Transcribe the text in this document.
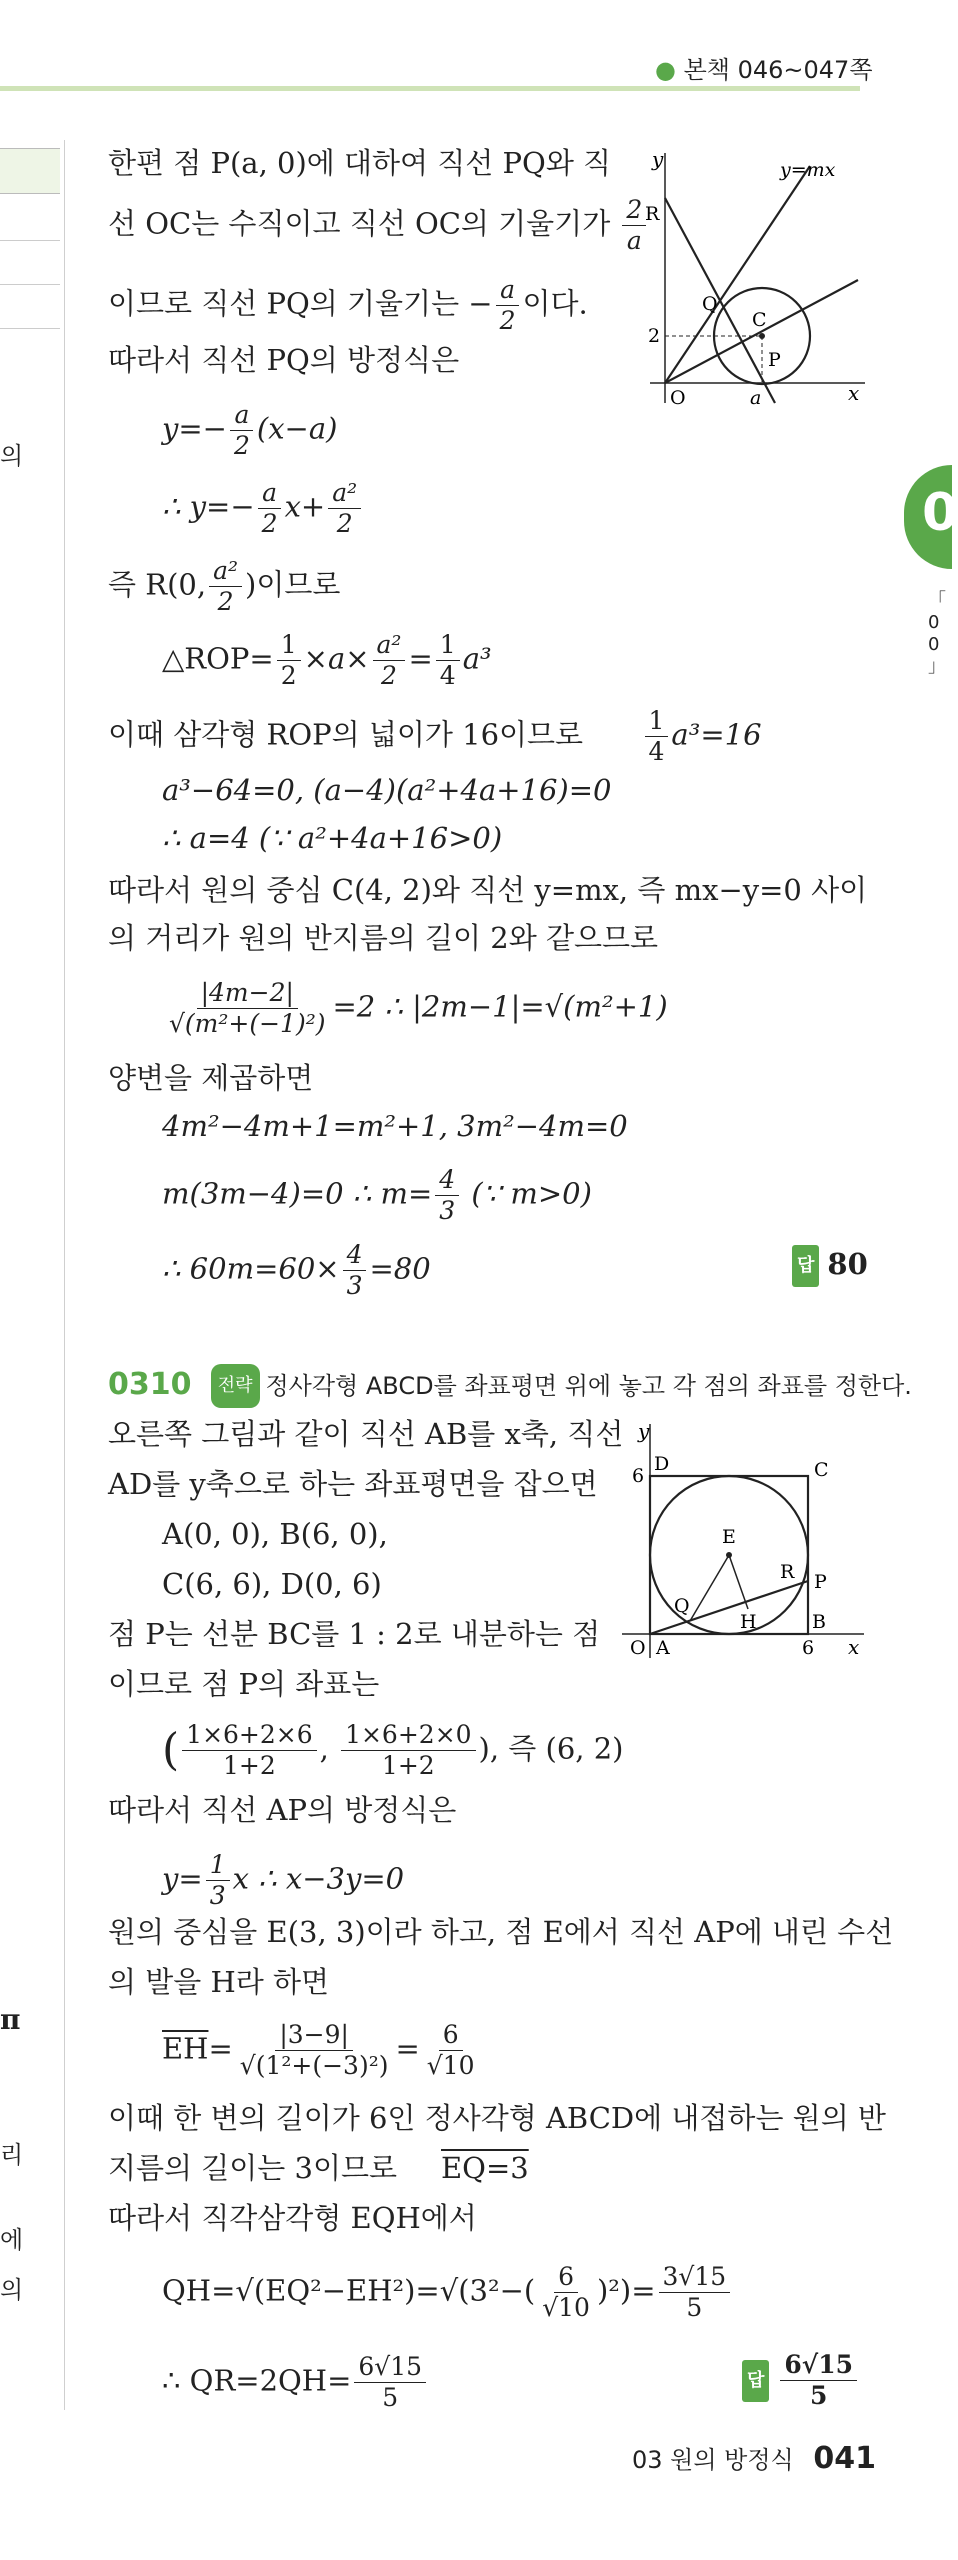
● 본책 046~047쪽
의
π
리
에
의
0
「
0
0
」
한편 점 P(a, 0)에 대하여 직선 PQ와 직
선 OC는 수직이고 직선 OC의 기울기가 $\frac{2}{a}$
이므로 직선 PQ의 기울기는 − $\frac{a}{2}$ 이다.
따라서 직선 PQ의 방정식은
$y=- \frac{a}{2} (x-a)$
∴ $y=- \frac{a}{2} x+ \frac{\text{a²}}{2}$
즉 R(0, $\frac{\text{a²}}{2}$ )이므로
△ROP= $\frac{1}{2} \times a\times \frac{\text{a²}}{2} = \frac{1}{4} a^3$
이때 삼각형 ROP의 넓이가 16이므로 $\frac{1}{4} a^3=16$
a³−64=0, (a−4)(a²+4a+16)=0
∴ a=4 (∵ a²+4a+16>0)
따라서 원의 중심 C(4, 2)와 직선 y=mx, 즉 mx−y=0 사이
의 거리가 원의 반지름의 길이 2와 같으므로
$\frac{|4m-2|}{\text{√(m²+(−1)²)}} =2$ ∴ |2m−1|=√(m²+1)
양변을 제곱하면
4m²−4m+1=m²+1, 3m²−4m=0
m(3m−4)=0 ∴ $m= \frac{4}{3}$ (∵ m>0)
∴ $60m=60\times \frac{4}{3} =80$	답 80
y
x
y=mx
R
Q
C
P
O	a
2
0310 전략 정사각형 ABCD를 좌표평면 위에 놓고 각 점의 좌표를 정한다.
오른쪽 그림과 같이 직선 AB를 x축, 직선
AD를 y축으로 하는 좌표평면을 잡으면
A(0, 0), B(6, 0),
C(6, 6), D(0, 6)
점 P는 선분 BC를 1 : 2로 내분하는 점
이므로 점 P의 좌표는
( $\frac{1\times 6+2\times 6}{1+2}$ , $\frac{1\times 6+2\times 0}{1+2}$ ), 즉 (6, 2)
따라서 직선 AP의 방정식은
$y= \frac{1}{3}$ x ∴ x−3y=0
원의 중심을 E(3, 3)이라 하고, 점 E에서 직선 AP에 내린 수선
의 발을 H라 하면
$\overline{EH}= \frac{|3-9|}{\text{√(1²+(−3)²)}} = \frac{6}{√10}$
이때 한 변의 길이가 6인 정사각형 ABCD에 내접하는 원의 반
지름의 길이는 3이므로 EQ=3
따라서 직각삼각형 EQH에서
$QH=√(EQ^2-EH^2)=√(3^2-( \frac{6}{√10} )^2)= \frac{3√15}{5}$
∴ $QR=2QH= \frac{6√15}{5}$	답 $\frac{6√15}{5}$
y
x
D	C
E
R P
Q
H	B
O A
6
6
03 원의 방정식 041
